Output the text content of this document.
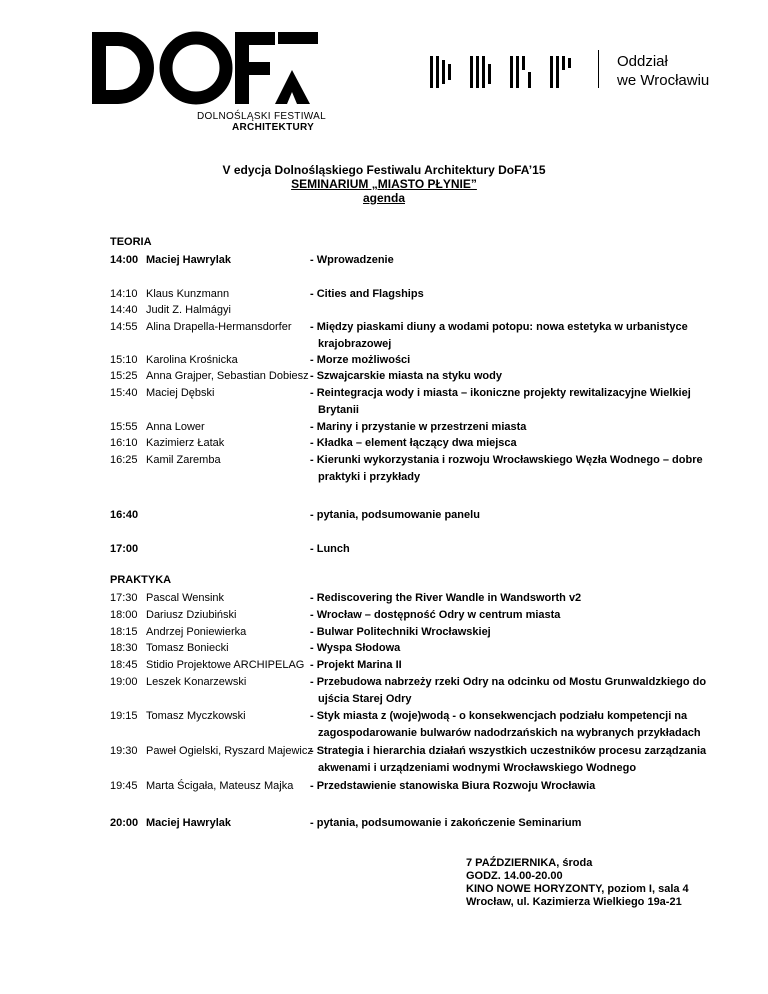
DOLNOŚLĄSKI FESTIWAL
ARCHITEKTURY
Oddział
we Wrocławiu
V edycja Dolnośląskiego Festiwalu Architektury DoFA’15
SEMINARIUM „MIASTO PŁYNIE”
agenda
TEORIA
14:00 Maciej Hawrylak	- Wprowadzenie
14:10 Klaus Kunzmann	- Cities and Flagships
14:40 Judit Z. Halmágyi
14:55 Alina Drapella-Hermansdorfer - Między piaskami diuny a wodami potopu: nowa estetyka w urbanistyce
krajobrazowej
15:10 Karolina Krośnicka	- Morze możliwości
15:25 Anna Grajper, Sebastian Dobiesz - Szwajcarskie miasta na styku wody
15:40 Maciej Dębski	- Reintegracja wody i miasta – ikoniczne projekty rewitalizacyjne Wielkiej
Brytanii
15:55 Anna Lower	- Mariny i przystanie w przestrzeni miasta
16:10 Kazimierz Łatak	- Kładka – element łączący dwa miejsca
16:25 Kamil Zaremba	- Kierunki wykorzystania i rozwoju Wrocławskiego Węzła Wodnego – dobre
praktyki i przykłady
16:40	- pytania, podsumowanie panelu
17:00	- Lunch
17:30 Pascal Wensink	- Rediscovering the River Wandle in Wandsworth v2
18:00 Dariusz Dziubiński	- Wrocław – dostępność Odry w centrum miasta
18:15 Andrzej Poniewierka	- Bulwar Politechniki Wrocławskiej
18:30 Tomasz Boniecki	- Wyspa Słodowa
18:45 Stidio Projektowe ARCHIPELAG - Projekt Marina II
19:00 Leszek Konarzewski	- Przebudowa nabrzeży rzeki Odry na odcinku od Mostu Grunwaldzkiego do
ujścia Starej Odry
19:15 Tomasz Myczkowski	- Styk miasta z (woje)wodą - o konsekwencjach podziału kompetencji na
zagospodarowanie bulwarów nadodrzańskich na wybranych przykładach
19:30 Paweł Ogielski, Ryszard Majewicz
- Strategia i hierarchia działań wszystkich uczestników procesu zarządzania
akwenami i urządzeniami wodnymi Wrocławskiego Wodnego
19:45 Marta Ścigała, Mateusz Majka - Przedstawienie stanowiska Biura Rozwoju Wrocławia
20:00 Maciej Hawrylak	- pytania, podsumowanie i zakończenie Seminarium
PRAKTYKA
7 PAŹDZIERNIKA, środa
GODZ. 14.00-20.00
KINO NOWE HORYZONTY, poziom I, sala 4
Wrocław, ul. Kazimierza Wielkiego 19a-21
